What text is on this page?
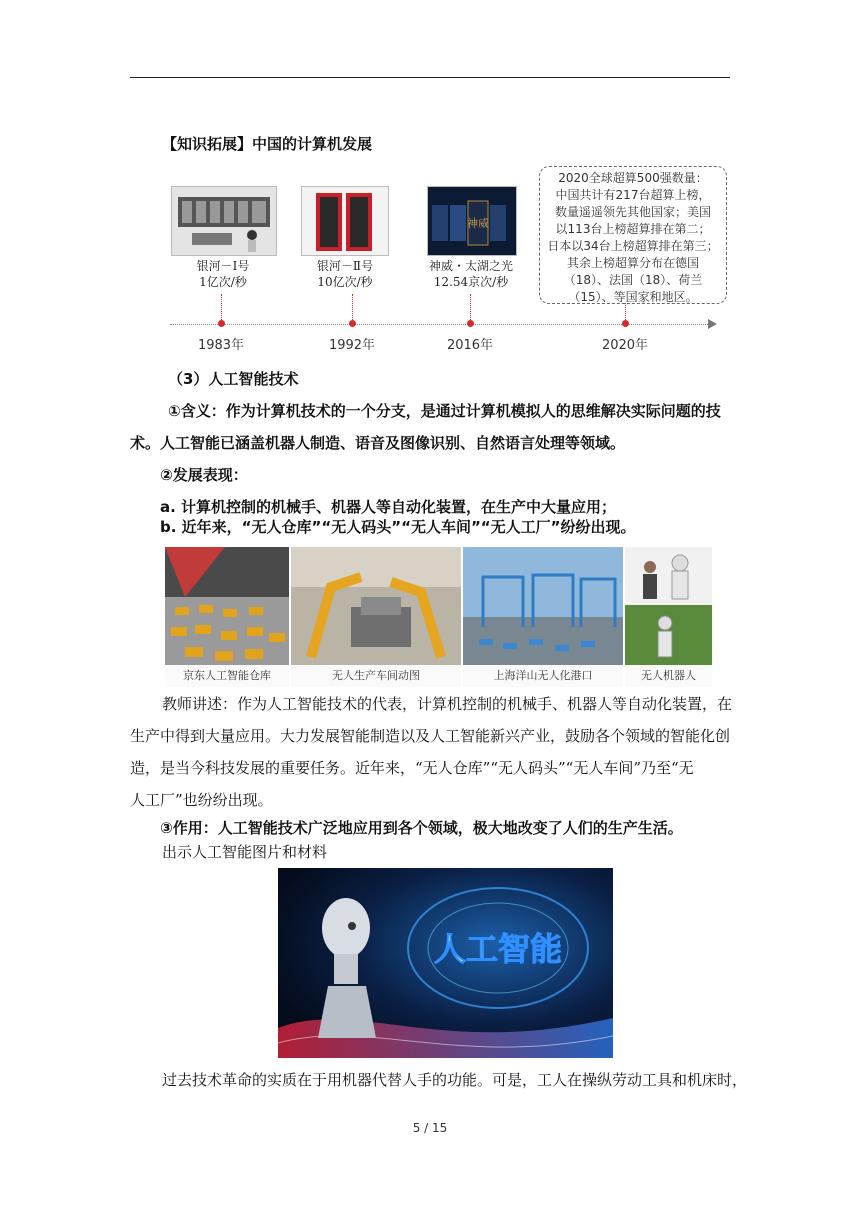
【知识拓展】中国的计算机发展
银河－Ⅰ号
1亿次/秒
银河－Ⅱ号
10亿次/秒
神威
神威・太湖之光
12.54京次/秒
2020全球超算500强数量：
中国共计有217台超算上榜，
数量遥遥领先其他国家；美国
以113台上榜超算排在第二；
日本以34台上榜超算排在第三；
其余上榜超算分布在德国
（18）、法国（18）、荷兰
（15）、等国家和地区。
1983年	1992年	2016年	2020年
（3）人工智能技术
①含义：作为计算机技术的一个分支，是通过计算机模拟人的思维解决实际问题的技
术。人工智能已涵盖机器人制造、语音及图像识别、自然语言处理等领域。
②发展表现：
a. 计算机控制的机械手、机器人等自动化装置，在生产中大量应用；
b. 近年来，“无人仓库”“无人码头”“无人车间”“无人工厂”纷纷出现。
京东人工智能仓库	无人生产车间动图	上海洋山无人化港口	无人机器人
教师讲述：作为人工智能技术的代表，计算机控制的机械手、机器人等自动化装置，在
生产中得到大量应用。大力发展智能制造以及人工智能新兴产业，鼓励各个领域的智能化创
造，是当今科技发展的重要任务。近年来，“无人仓库”“无人码头”“无人车间”乃至“无
人工厂”也纷纷出现。
③作用：人工智能技术广泛地应用到各个领域，极大地改变了人们的生产生活。
出示人工智能图片和材料
人工智能
过去技术革命的实质在于用机器代替人手的功能。可是，工人在操纵劳动工具和机床时，
5 / 15
